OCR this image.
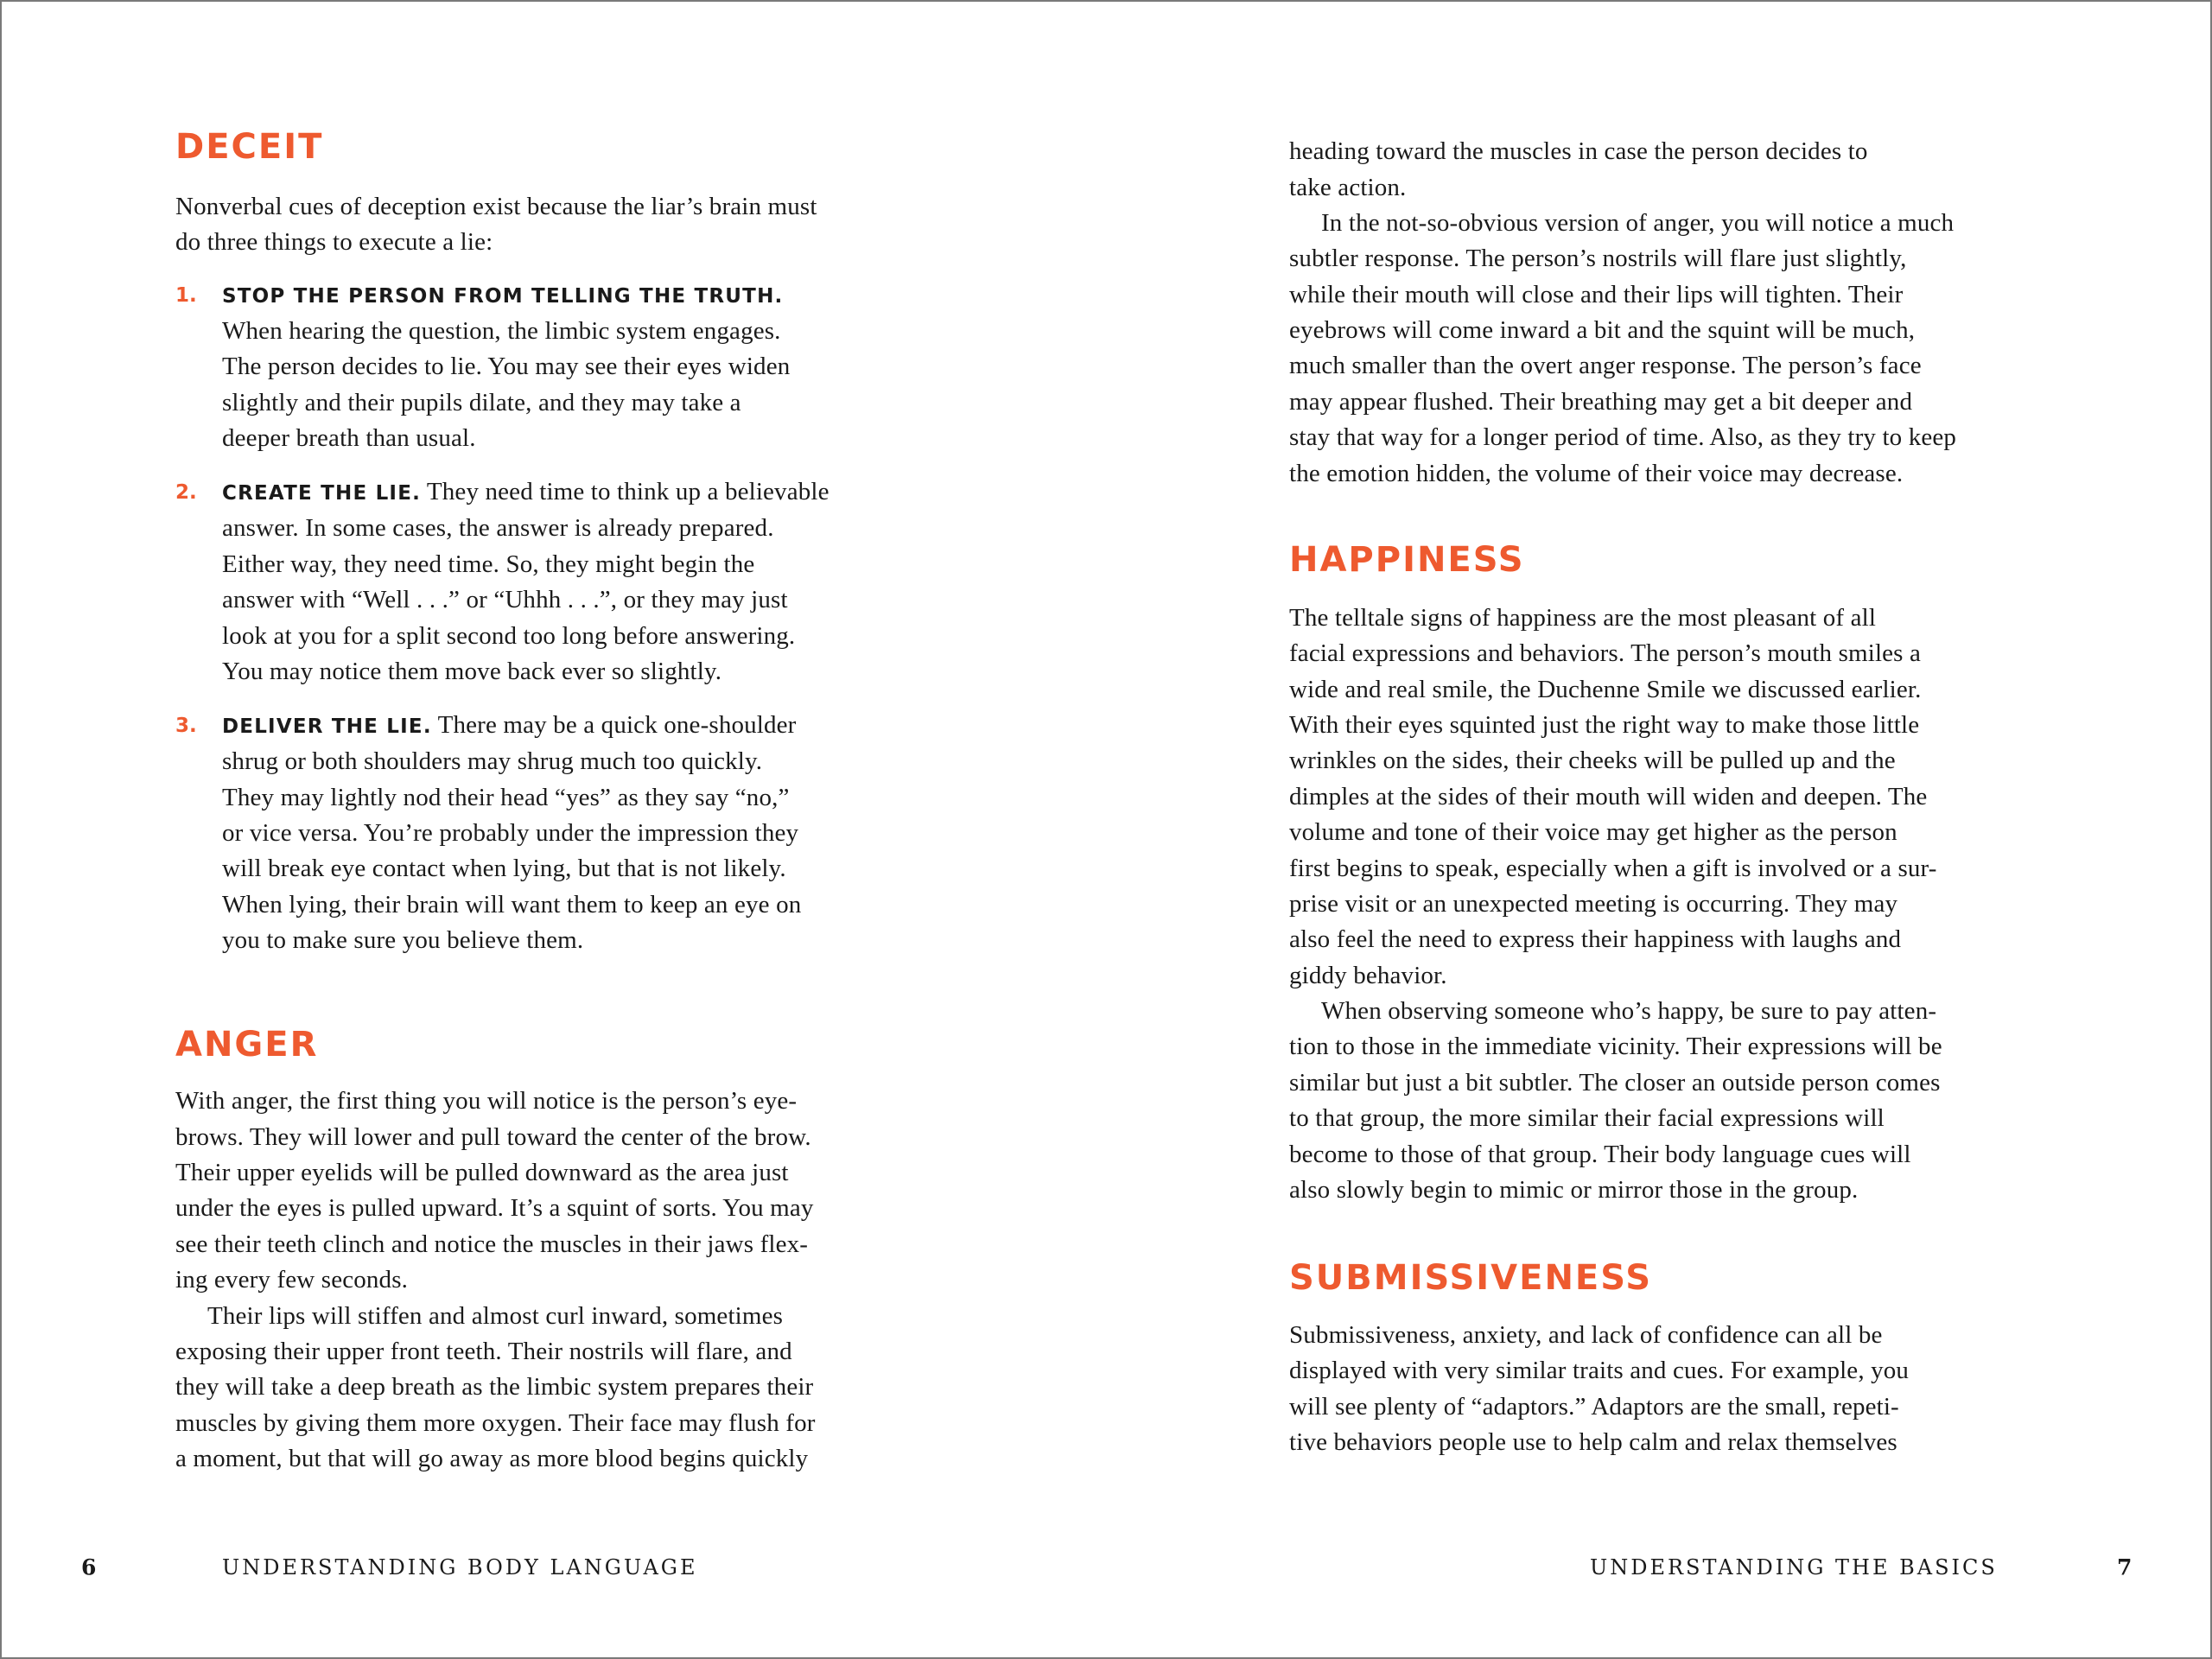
DECEIT
Nonverbal cues of deception exist because the liar’s brain must
do three things to execute a lie:
1. STOP THE PERSON FROM TELLING THE TRUTH.
When hearing the question, the limbic system engages.
The person decides to lie. You may see their eyes widen
slightly and their pupils dilate, and they may take a
deeper breath than usual.
2. CREATE THE LIE. They need time to think up a believable
answer. In some cases, the answer is already prepared.
Either way, they need time. So, they might begin the
answer with “Well . . .” or “Uhhh . . .”, or they may just
look at you for a split second too long before answering.
You may notice them move back ever so slightly.
3. DELIVER THE LIE. There may be a quick one-shoulder
shrug or both shoulders may shrug much too quickly.
They may lightly nod their head “yes” as they say “no,”
or vice versa. You’re probably under the impression they
will break eye contact when lying, but that is not likely.
When lying, their brain will want them to keep an eye on
you to make sure you believe them.
ANGER
With anger, the first thing you will notice is the person’s eye-
brows. They will lower and pull toward the center of the brow.
Their upper eyelids will be pulled downward as the area just
under the eyes is pulled upward. It’s a squint of sorts. You may
see their teeth clinch and notice the muscles in their jaws flex-
ing every few seconds.
Their lips will stiffen and almost curl inward, sometimes
exposing their upper front teeth. Their nostrils will flare, and
they will take a deep breath as the limbic system prepares their
muscles by giving them more oxygen. Their face may flush for
a moment, but that will go away as more blood begins quickly
6	UNDERSTANDING BODY LANGUAGE
heading toward the muscles in case the person decides to
take action.
In the not-so-obvious version of anger, you will notice a much
subtler response. The person’s nostrils will flare just slightly,
while their mouth will close and their lips will tighten. Their
eyebrows will come inward a bit and the squint will be much,
much smaller than the overt anger response. The person’s face
may appear flushed. Their breathing may get a bit deeper and
stay that way for a longer period of time. Also, as they try to keep
the emotion hidden, the volume of their voice may decrease.
HAPPINESS
The telltale signs of happiness are the most pleasant of all
facial expressions and behaviors. The person’s mouth smiles a
wide and real smile, the Duchenne Smile we discussed earlier.
With their eyes squinted just the right way to make those little
wrinkles on the sides, their cheeks will be pulled up and the
dimples at the sides of their mouth will widen and deepen. The
volume and tone of their voice may get higher as the person
first begins to speak, especially when a gift is involved or a sur-
prise visit or an unexpected meeting is occurring. They may
also feel the need to express their happiness with laughs and
giddy behavior.
When observing someone who’s happy, be sure to pay atten-
tion to those in the immediate vicinity. Their expressions will be
similar but just a bit subtler. The closer an outside person comes
to that group, the more similar their facial expressions will
become to those of that group. Their body language cues will
also slowly begin to mimic or mirror those in the group.
SUBMISSIVENESS
Submissiveness, anxiety, and lack of confidence can all be
displayed with very similar traits and cues. For example, you
will see plenty of “adaptors.” Adaptors are the small, repeti-
tive behaviors people use to help calm and relax themselves
UNDERSTANDING THE BASICS	7
